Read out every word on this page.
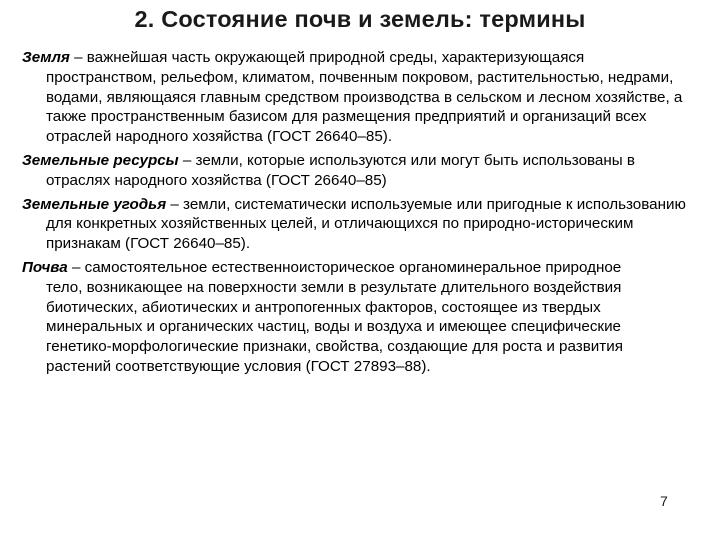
2. Состояние почв и земель: термины

Земля – важнейшая часть окружающей природной среды, характеризующаяся пространством, рельефом, климатом, почвенным покровом, растительностью, недрами, водами, являющаяся главным средством производства в сельском и лесном хозяйстве, а также пространственным базисом для размещения предприятий и организаций всех отраслей народного хозяйства (ГОСТ 26640–85).

Земельные ресурсы – земли, которые используются или могут быть использованы в отраслях народного хозяйства (ГОСТ 26640–85)

Земельные угодья – земли, систематически используемые или пригодные к использованию для конкретных хозяйственных целей, и отличающихся по природно-историческим признакам (ГОСТ 26640–85).

Почва – самостоятельное естественноисторическое органоминеральное природное тело, возникающее на поверхности земли в результате длительного воздействия биотических, абиотических и антропогенных факторов, состоящее из твердых минеральных и органических частиц, воды и воздуха и имеющее специфические генетико-морфологические признаки, свойства, создающие для роста и развития растений соответствующие условия (ГОСТ 27893–88).

7
